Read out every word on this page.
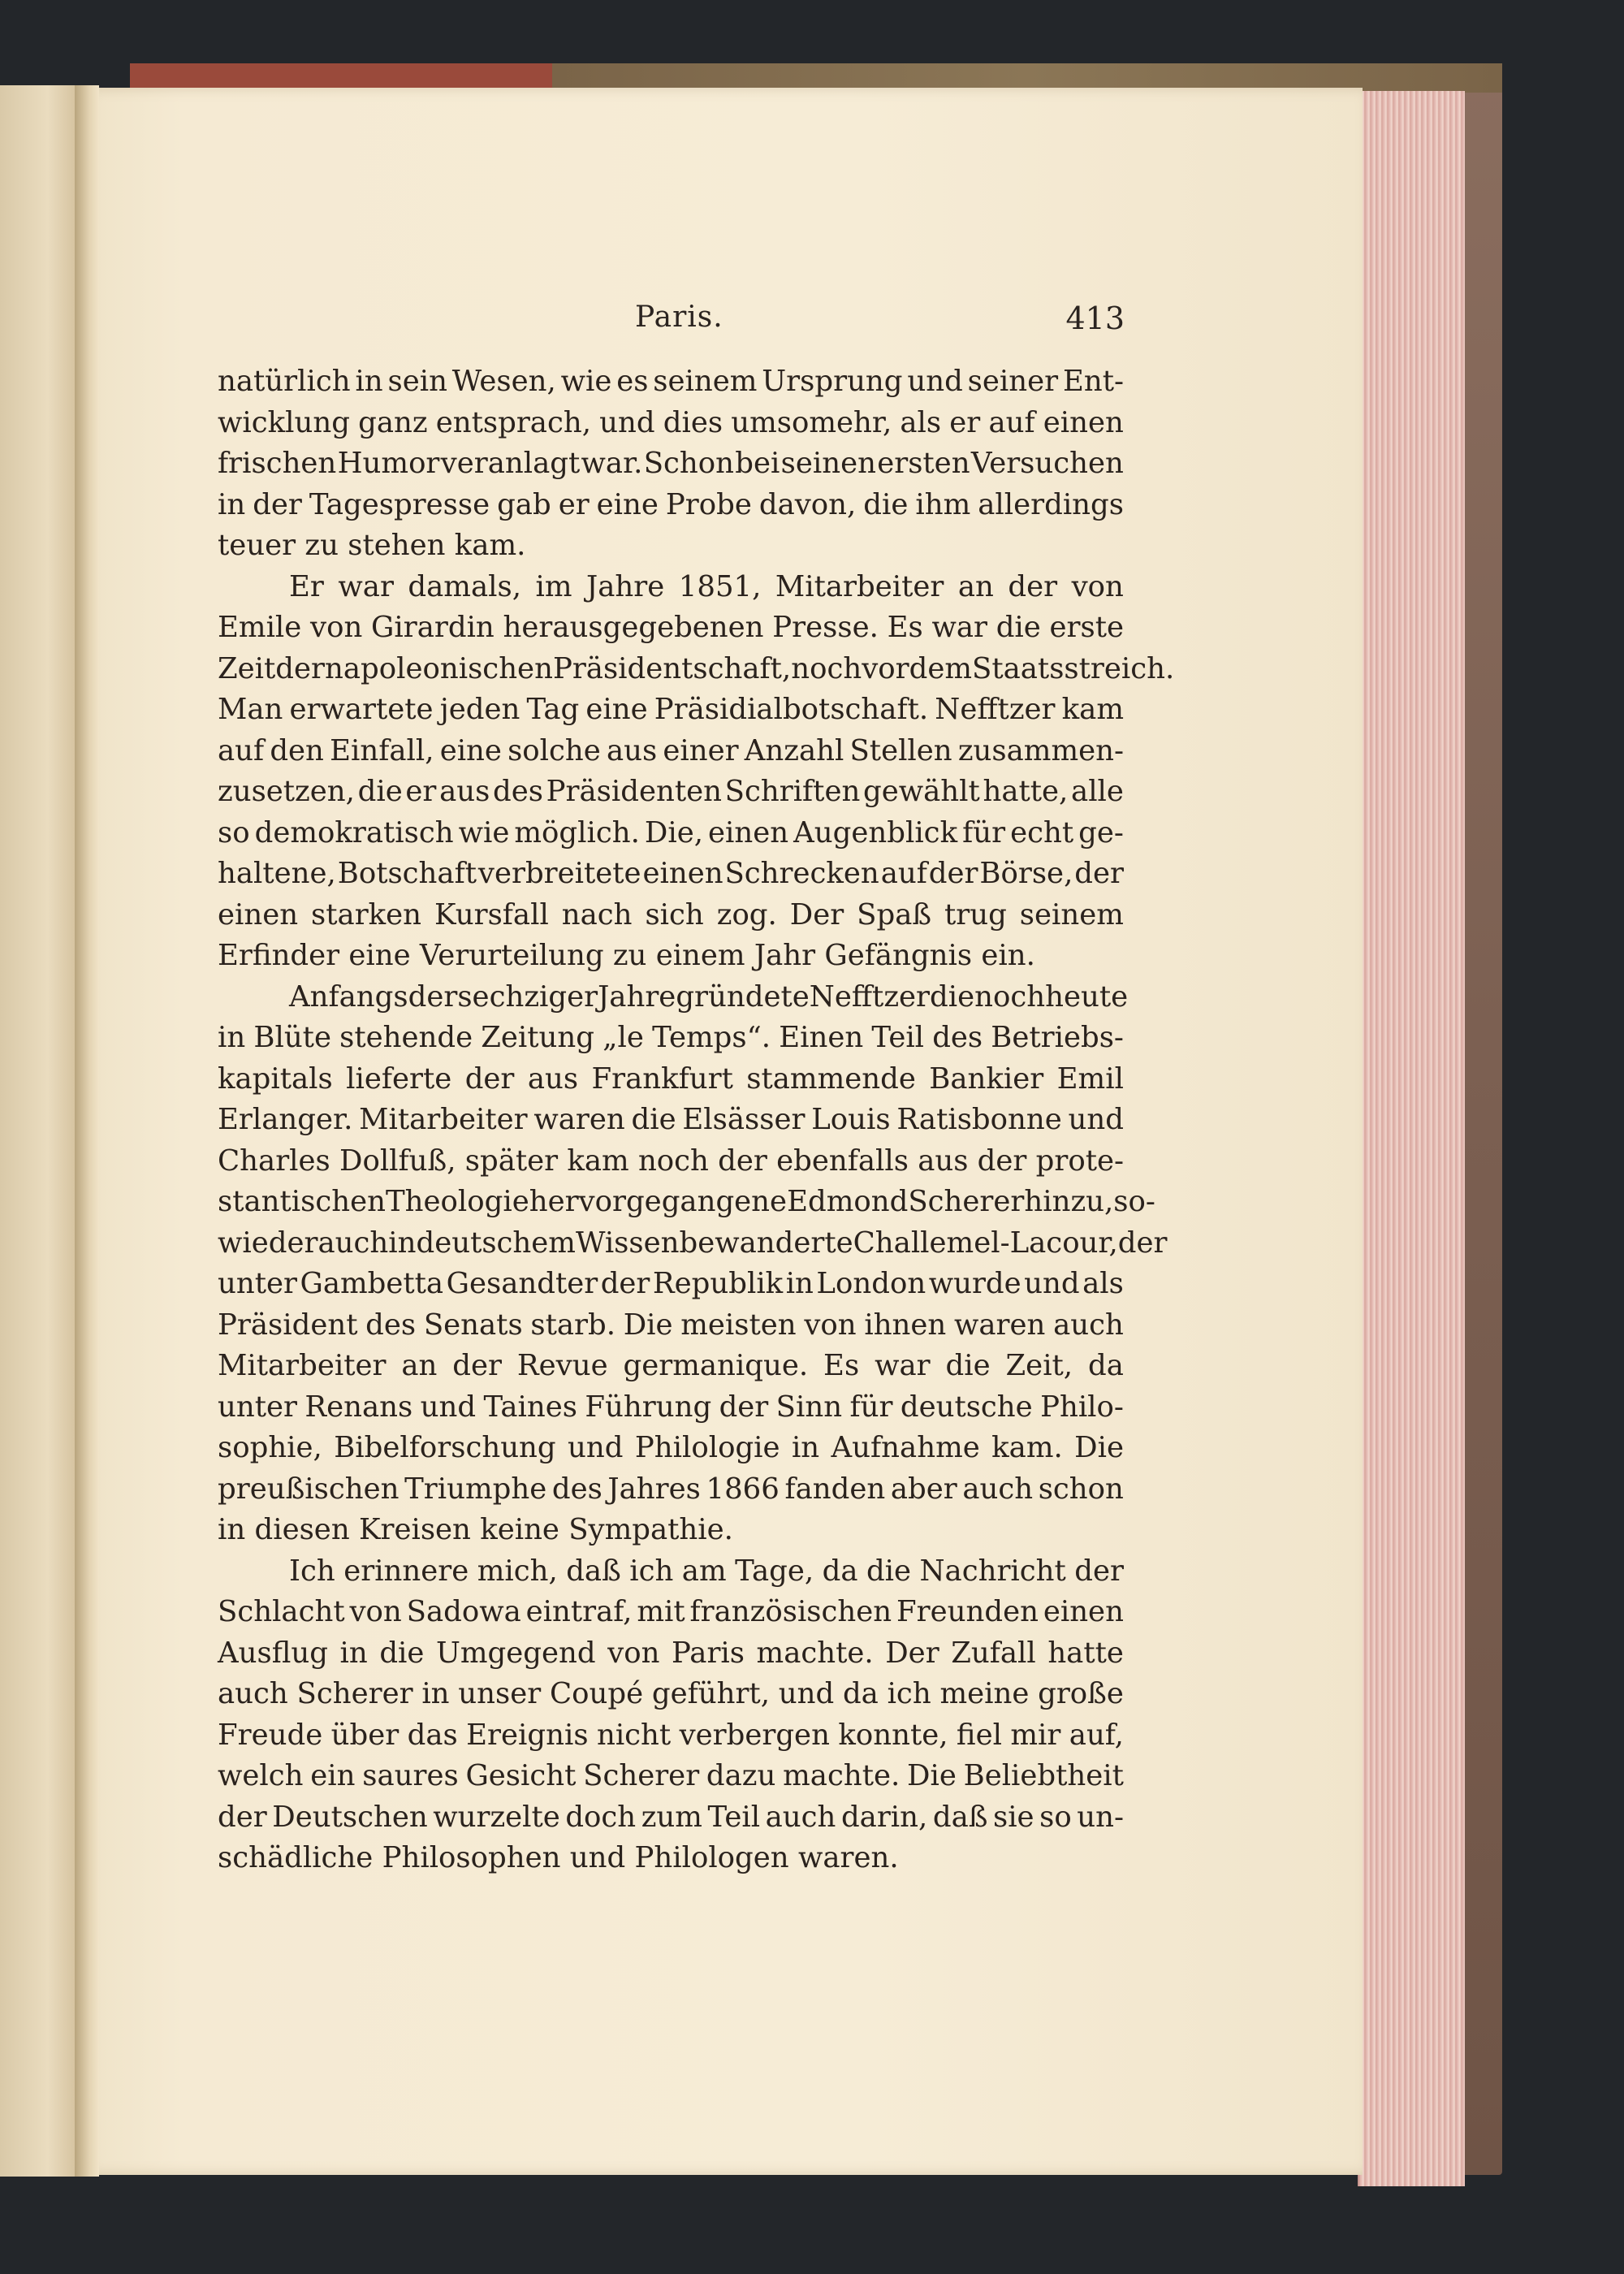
Paris.	413
natürlich in sein Wesen, wie es seinem Ursprung und seiner Ent-
wicklung ganz entsprach, und dies umsomehr, als er auf einen
frischen Humor veranlagt war. Schon bei seinen ersten Versuchen
in der Tagespresse gab er eine Probe davon, die ihm allerdings
teuer zu stehen kam.
Er war damals, im Jahre 1851, Mitarbeiter an der von
Emile von Girardin herausgegebenen Presse. Es war die erste
Zeit der napoleonischen Präsidentschaft, noch vor dem Staatsstreich.
Man erwartete jeden Tag eine Präsidialbotschaft. Nefftzer kam
auf den Einfall, eine solche aus einer Anzahl Stellen zusammen-
zusetzen, die er aus des Präsidenten Schriften gewählt hatte, alle
so demokratisch wie möglich. Die, einen Augenblick für echt ge-
haltene, Botschaft verbreitete einen Schrecken auf der Börse, der
einen starken Kursfall nach sich zog. Der Spaß trug seinem
Erfinder eine Verurteilung zu einem Jahr Gefängnis ein.
Anfangs der sechziger Jahre gründete Nefftzer die noch heute
in Blüte stehende Zeitung „le Temps“. Einen Teil des Betriebs-
kapitals lieferte der aus Frankfurt stammende Bankier Emil
Erlanger. Mitarbeiter waren die Elsässer Louis Ratisbonne und
Charles Dollfuß, später kam noch der ebenfalls aus der prote-
stantischen Theologie hervorgegangene Edmond Scherer hinzu, so-
wie der auch in deutschem Wissen bewanderte Challemel-Lacour, der
unter Gambetta Gesandter der Republik in London wurde und als
Präsident des Senats starb. Die meisten von ihnen waren auch
Mitarbeiter an der Revue germanique. Es war die Zeit, da
unter Renans und Taines Führung der Sinn für deutsche Philo-
sophie, Bibelforschung und Philologie in Aufnahme kam. Die
preußischen Triumphe des Jahres 1866 fanden aber auch schon
in diesen Kreisen keine Sympathie.
Ich erinnere mich, daß ich am Tage, da die Nachricht der
Schlacht von Sadowa eintraf, mit französischen Freunden einen
Ausflug in die Umgegend von Paris machte. Der Zufall hatte
auch Scherer in unser Coupé geführt, und da ich meine große
Freude über das Ereignis nicht verbergen konnte, fiel mir auf,
welch ein saures Gesicht Scherer dazu machte. Die Beliebtheit
der Deutschen wurzelte doch zum Teil auch darin, daß sie so un-
schädliche Philosophen und Philologen waren.
